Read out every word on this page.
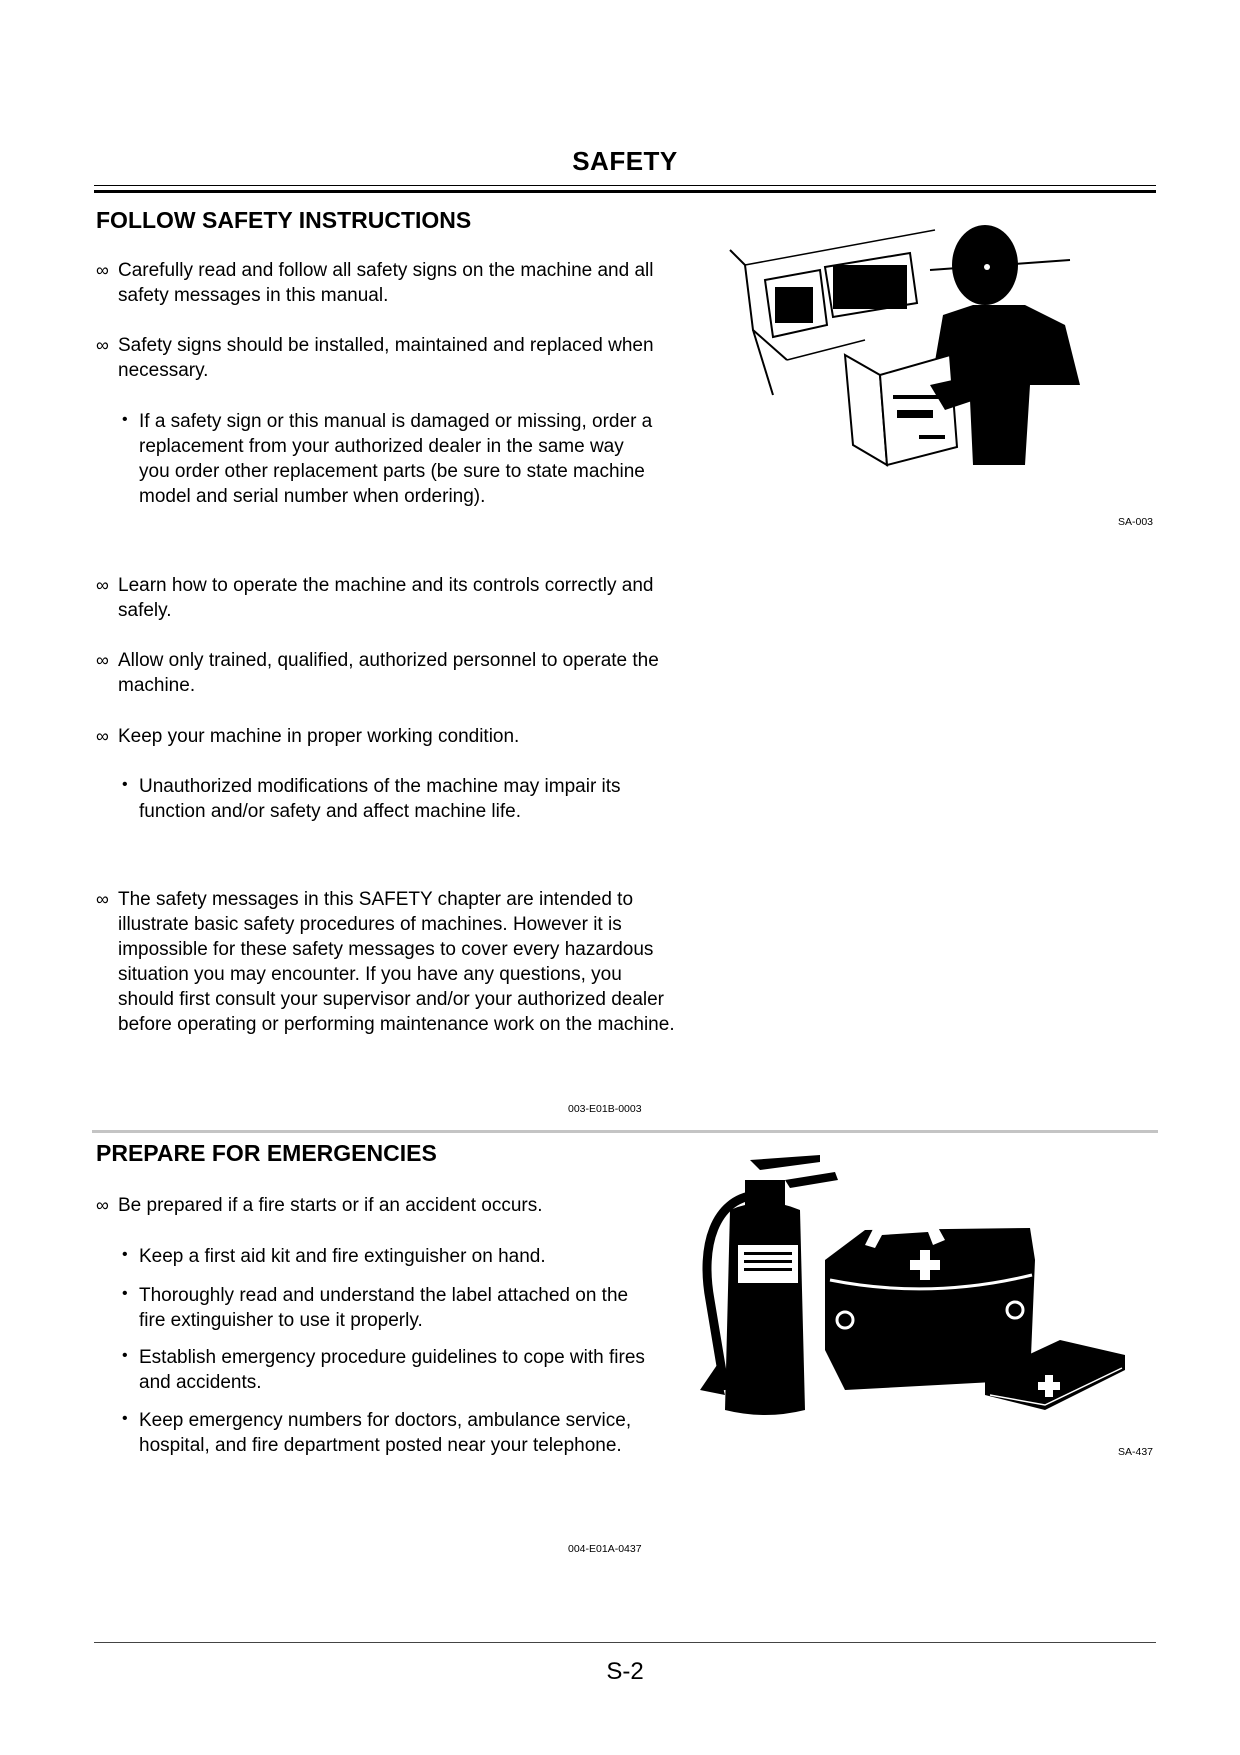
SAFETY
FOLLOW SAFETY INSTRUCTIONS
∞ Carefully read and follow all safety signs on the machine and all safety messages in this manual.
∞ Safety signs should be installed, maintained and replaced when necessary.
• If a safety sign or this manual is damaged or missing, order a replacement from your authorized dealer in the same way you order other replacement parts (be sure to state machine model and serial number when ordering).
∞ Learn how to operate the machine and its controls correctly and safely.
∞ Allow only trained, qualified, authorized personnel to operate the machine.
∞ Keep your machine in proper working condition.
• Unauthorized modifications of the machine may impair its function and/or safety and affect machine life.
∞ The safety messages in this SAFETY chapter are intended to illustrate basic safety procedures of machines. However it is impossible for these safety messages to cover every hazardous situation you may encounter. If you have any questions, you should first consult your supervisor and/or your authorized dealer before operating or performing maintenance work on the machine.
003-E01B-0003
SA-003
PREPARE FOR EMERGENCIES
∞ Be prepared if a fire starts or if an accident occurs.
• Keep a first aid kit and fire extinguisher on hand.
• Thoroughly read and understand the label attached on the fire extinguisher to use it properly.
• Establish emergency procedure guidelines to cope with fires and accidents.
• Keep emergency numbers for doctors, ambulance service, hospital, and fire department posted near your telephone.
004-E01A-0437
SA-437
S-2
